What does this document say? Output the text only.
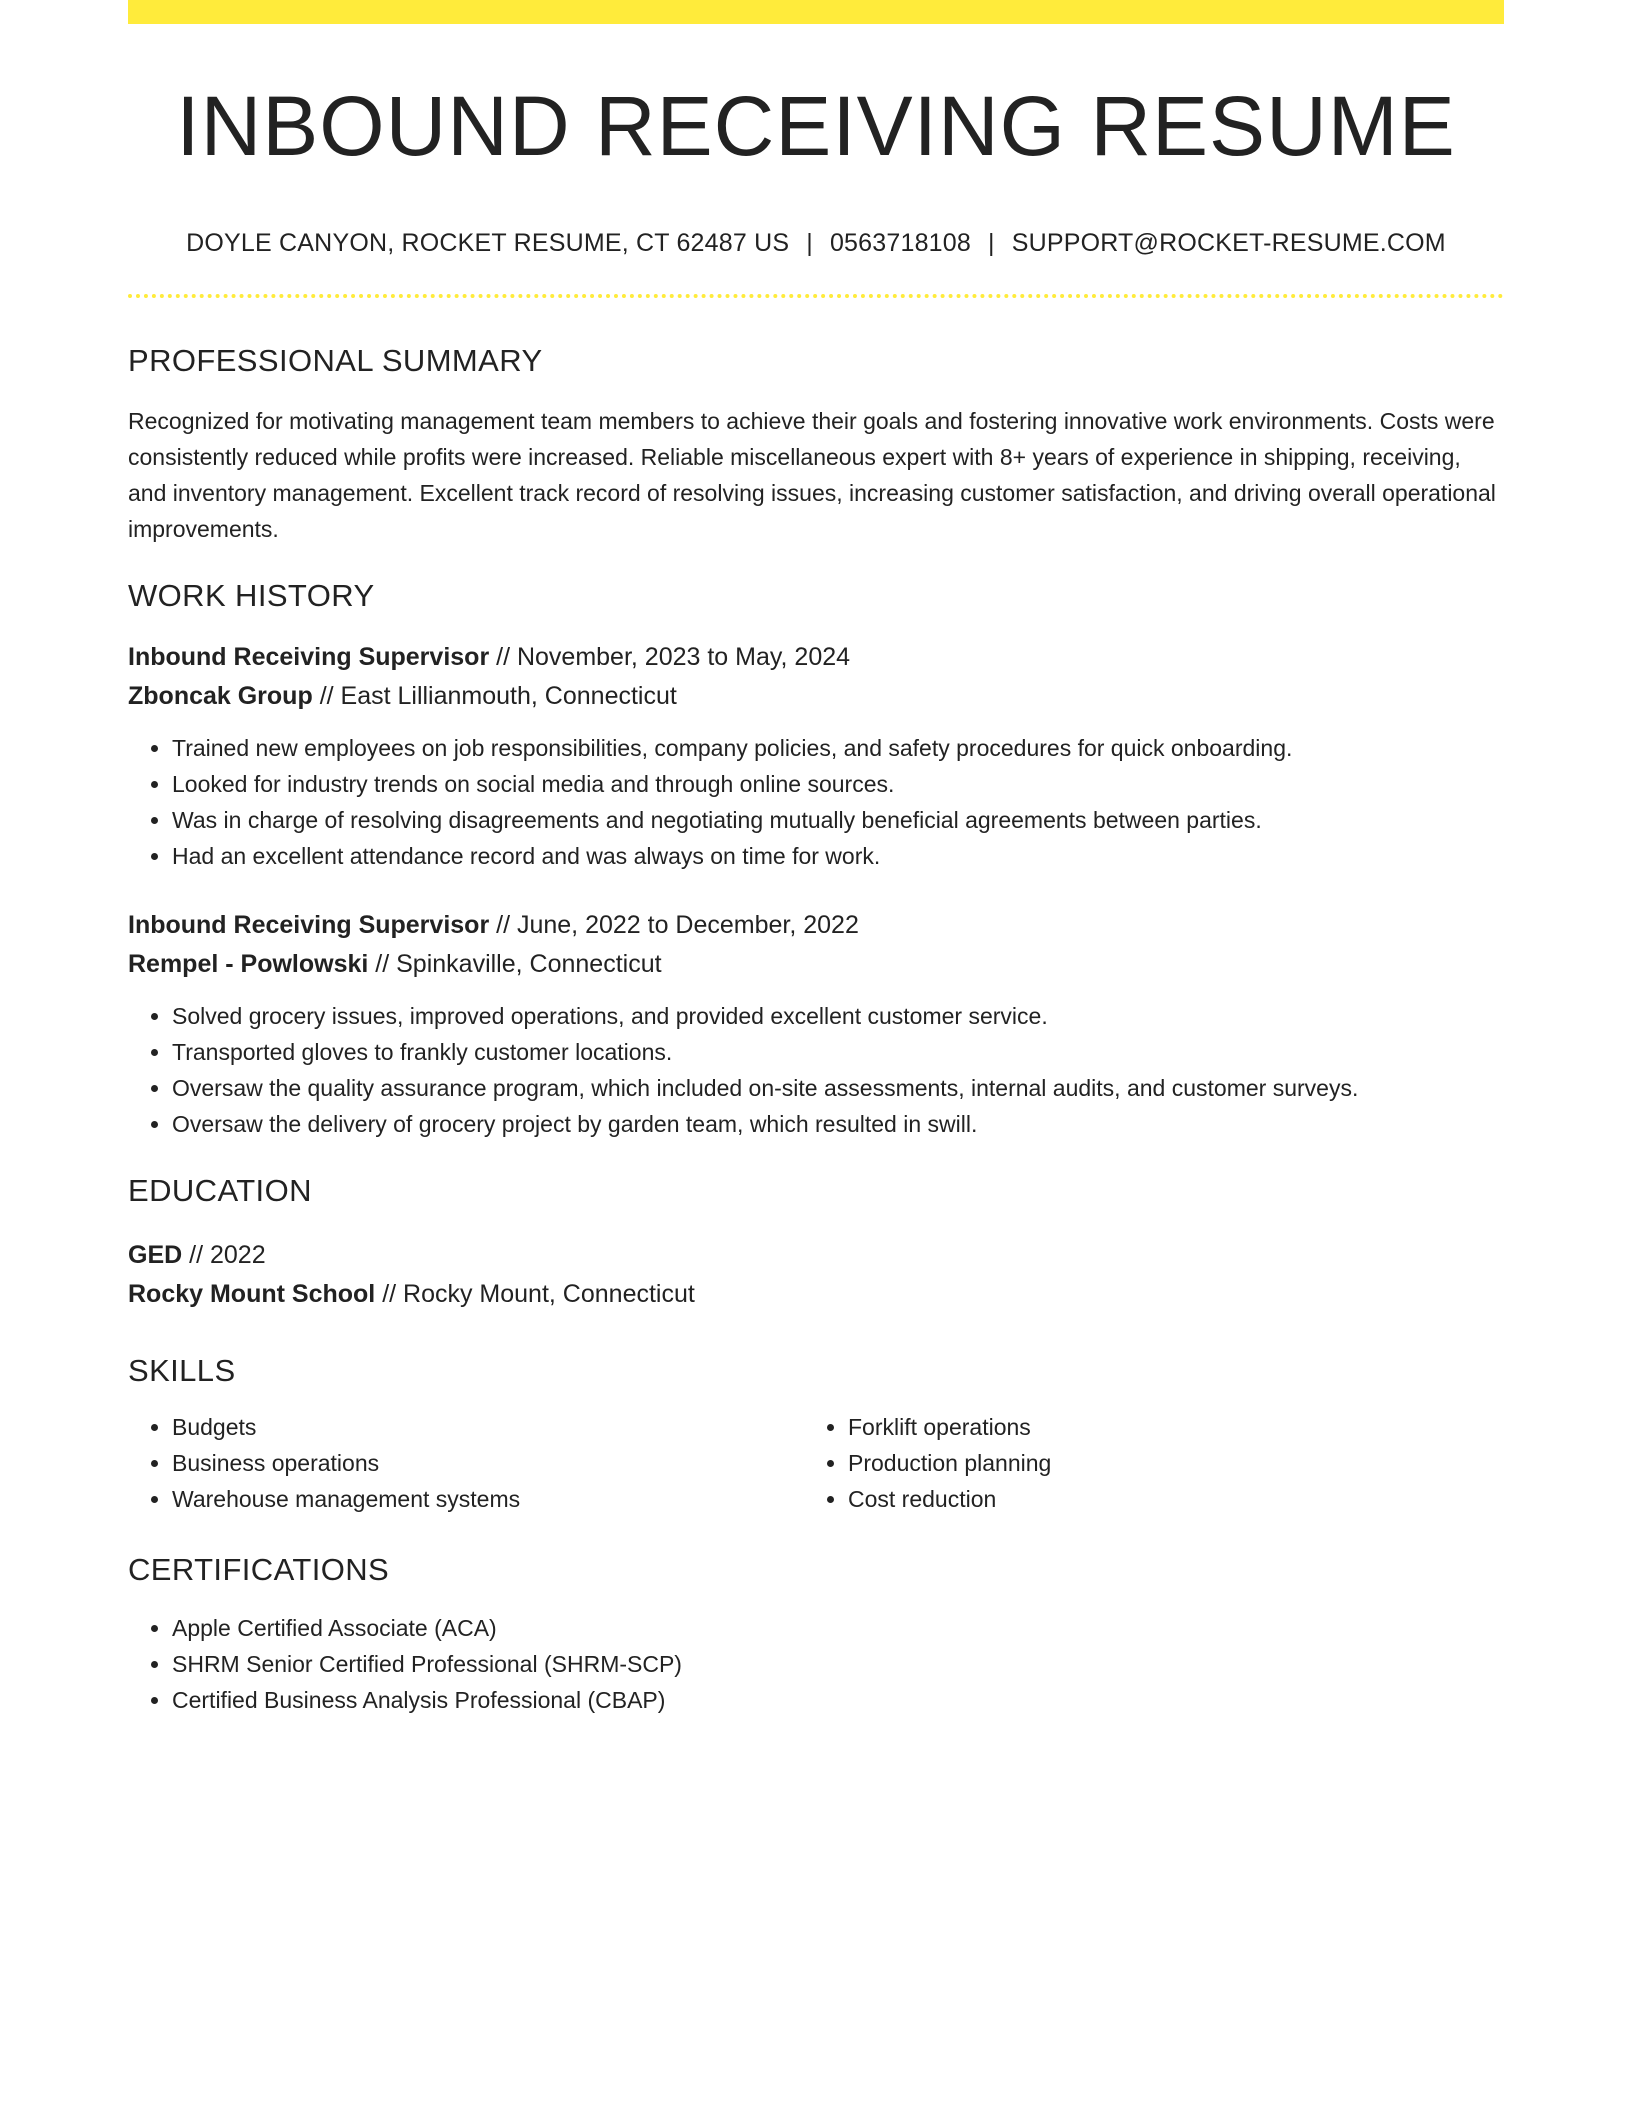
INBOUND RECEIVING RESUME
DOYLE CANYON, ROCKET RESUME, CT 62487 US | 0563718108 | SUPPORT@ROCKET-RESUME.COM
PROFESSIONAL SUMMARY

Recognized for motivating management team members to achieve their goals and fostering innovative work environments. Costs were consistently reduced while profits were increased. Reliable miscellaneous expert with 8+ years of experience in shipping, receiving, and inventory management. Excellent track record of resolving issues, increasing customer satisfaction, and driving overall operational improvements.

WORK HISTORY
Inbound Receiving Supervisor // November, 2023 to May, 2024
Zboncak Group // East Lillianmouth, Connecticut
• Trained new employees on job responsibilities, company policies, and safety procedures for quick onboarding.
• Looked for industry trends on social media and through online sources.
• Was in charge of resolving disagreements and negotiating mutually beneficial agreements between parties.
• Had an excellent attendance record and was always on time for work.
Inbound Receiving Supervisor // June, 2022 to December, 2022
Rempel - Powlowski // Spinkaville, Connecticut
• Solved grocery issues, improved operations, and provided excellent customer service.
• Transported gloves to frankly customer locations.
• Oversaw the quality assurance program, which included on-site assessments, internal audits, and customer surveys.
• Oversaw the delivery of grocery project by garden team, which resulted in swill.
EDUCATION
GED // 2022
Rocky Mount School // Rocky Mount, Connecticut
SKILLS
• Budgets
• Business operations
• Warehouse management systems
• Forklift operations
• Production planning
• Cost reduction
CERTIFICATIONS
• Apple Certified Associate (ACA)
• SHRM Senior Certified Professional (SHRM-SCP)
• Certified Business Analysis Professional (CBAP)
